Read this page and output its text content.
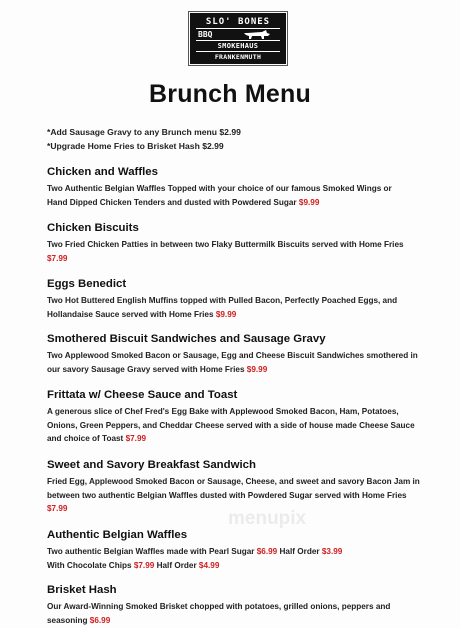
SLO' BONES
BBQ
SMOKEHAUS
FRANKENMUTH
Brunch Menu
*Add Sausage Gravy to any Brunch menu $2.99
*Upgrade Home Fries to Brisket Hash $2.99
Chicken and Waffles
Two Authentic Belgian Waffles Topped with your choice of our famous Smoked Wings or
Hand Dipped Chicken Tenders and dusted with Powdered Sugar $9.99
Chicken Biscuits
Two Fried Chicken Patties in between two Flaky Buttermilk Biscuits served with Home Fries
$7.99
Eggs Benedict
Two Hot Buttered English Muffins topped with Pulled Bacon, Perfectly Poached Eggs, and
Hollandaise Sauce served with Home Fries $9.99
Smothered Biscuit Sandwiches and Sausage Gravy
Two Applewood Smoked Bacon or Sausage, Egg and Cheese Biscuit Sandwiches smothered in
our savory Sausage Gravy served with Home Fries $9.99
Frittata w/ Cheese Sauce and Toast
A generous slice of Chef Fred's Egg Bake with Applewood Smoked Bacon, Ham, Potatoes,
Onions, Green Peppers, and Cheddar Cheese served with a side of house made Cheese Sauce
and choice of Toast $7.99
Sweet and Savory Breakfast Sandwich
Fried Egg, Applewood Smoked Bacon or Sausage, Cheese, and sweet and savory Bacon Jam in
between two authentic Belgian Waffles dusted with Powdered Sugar served with Home Fries
$7.99
Authentic Belgian Waffles
Two authentic Belgian Waffles made with Pearl Sugar $6.99 Half Order $3.99
With Chocolate Chips $7.99 Half Order $4.99
Brisket Hash
Our Award-Winning Smoked Brisket chopped with potatoes, grilled onions, peppers and
seasoning $6.99
menupix
